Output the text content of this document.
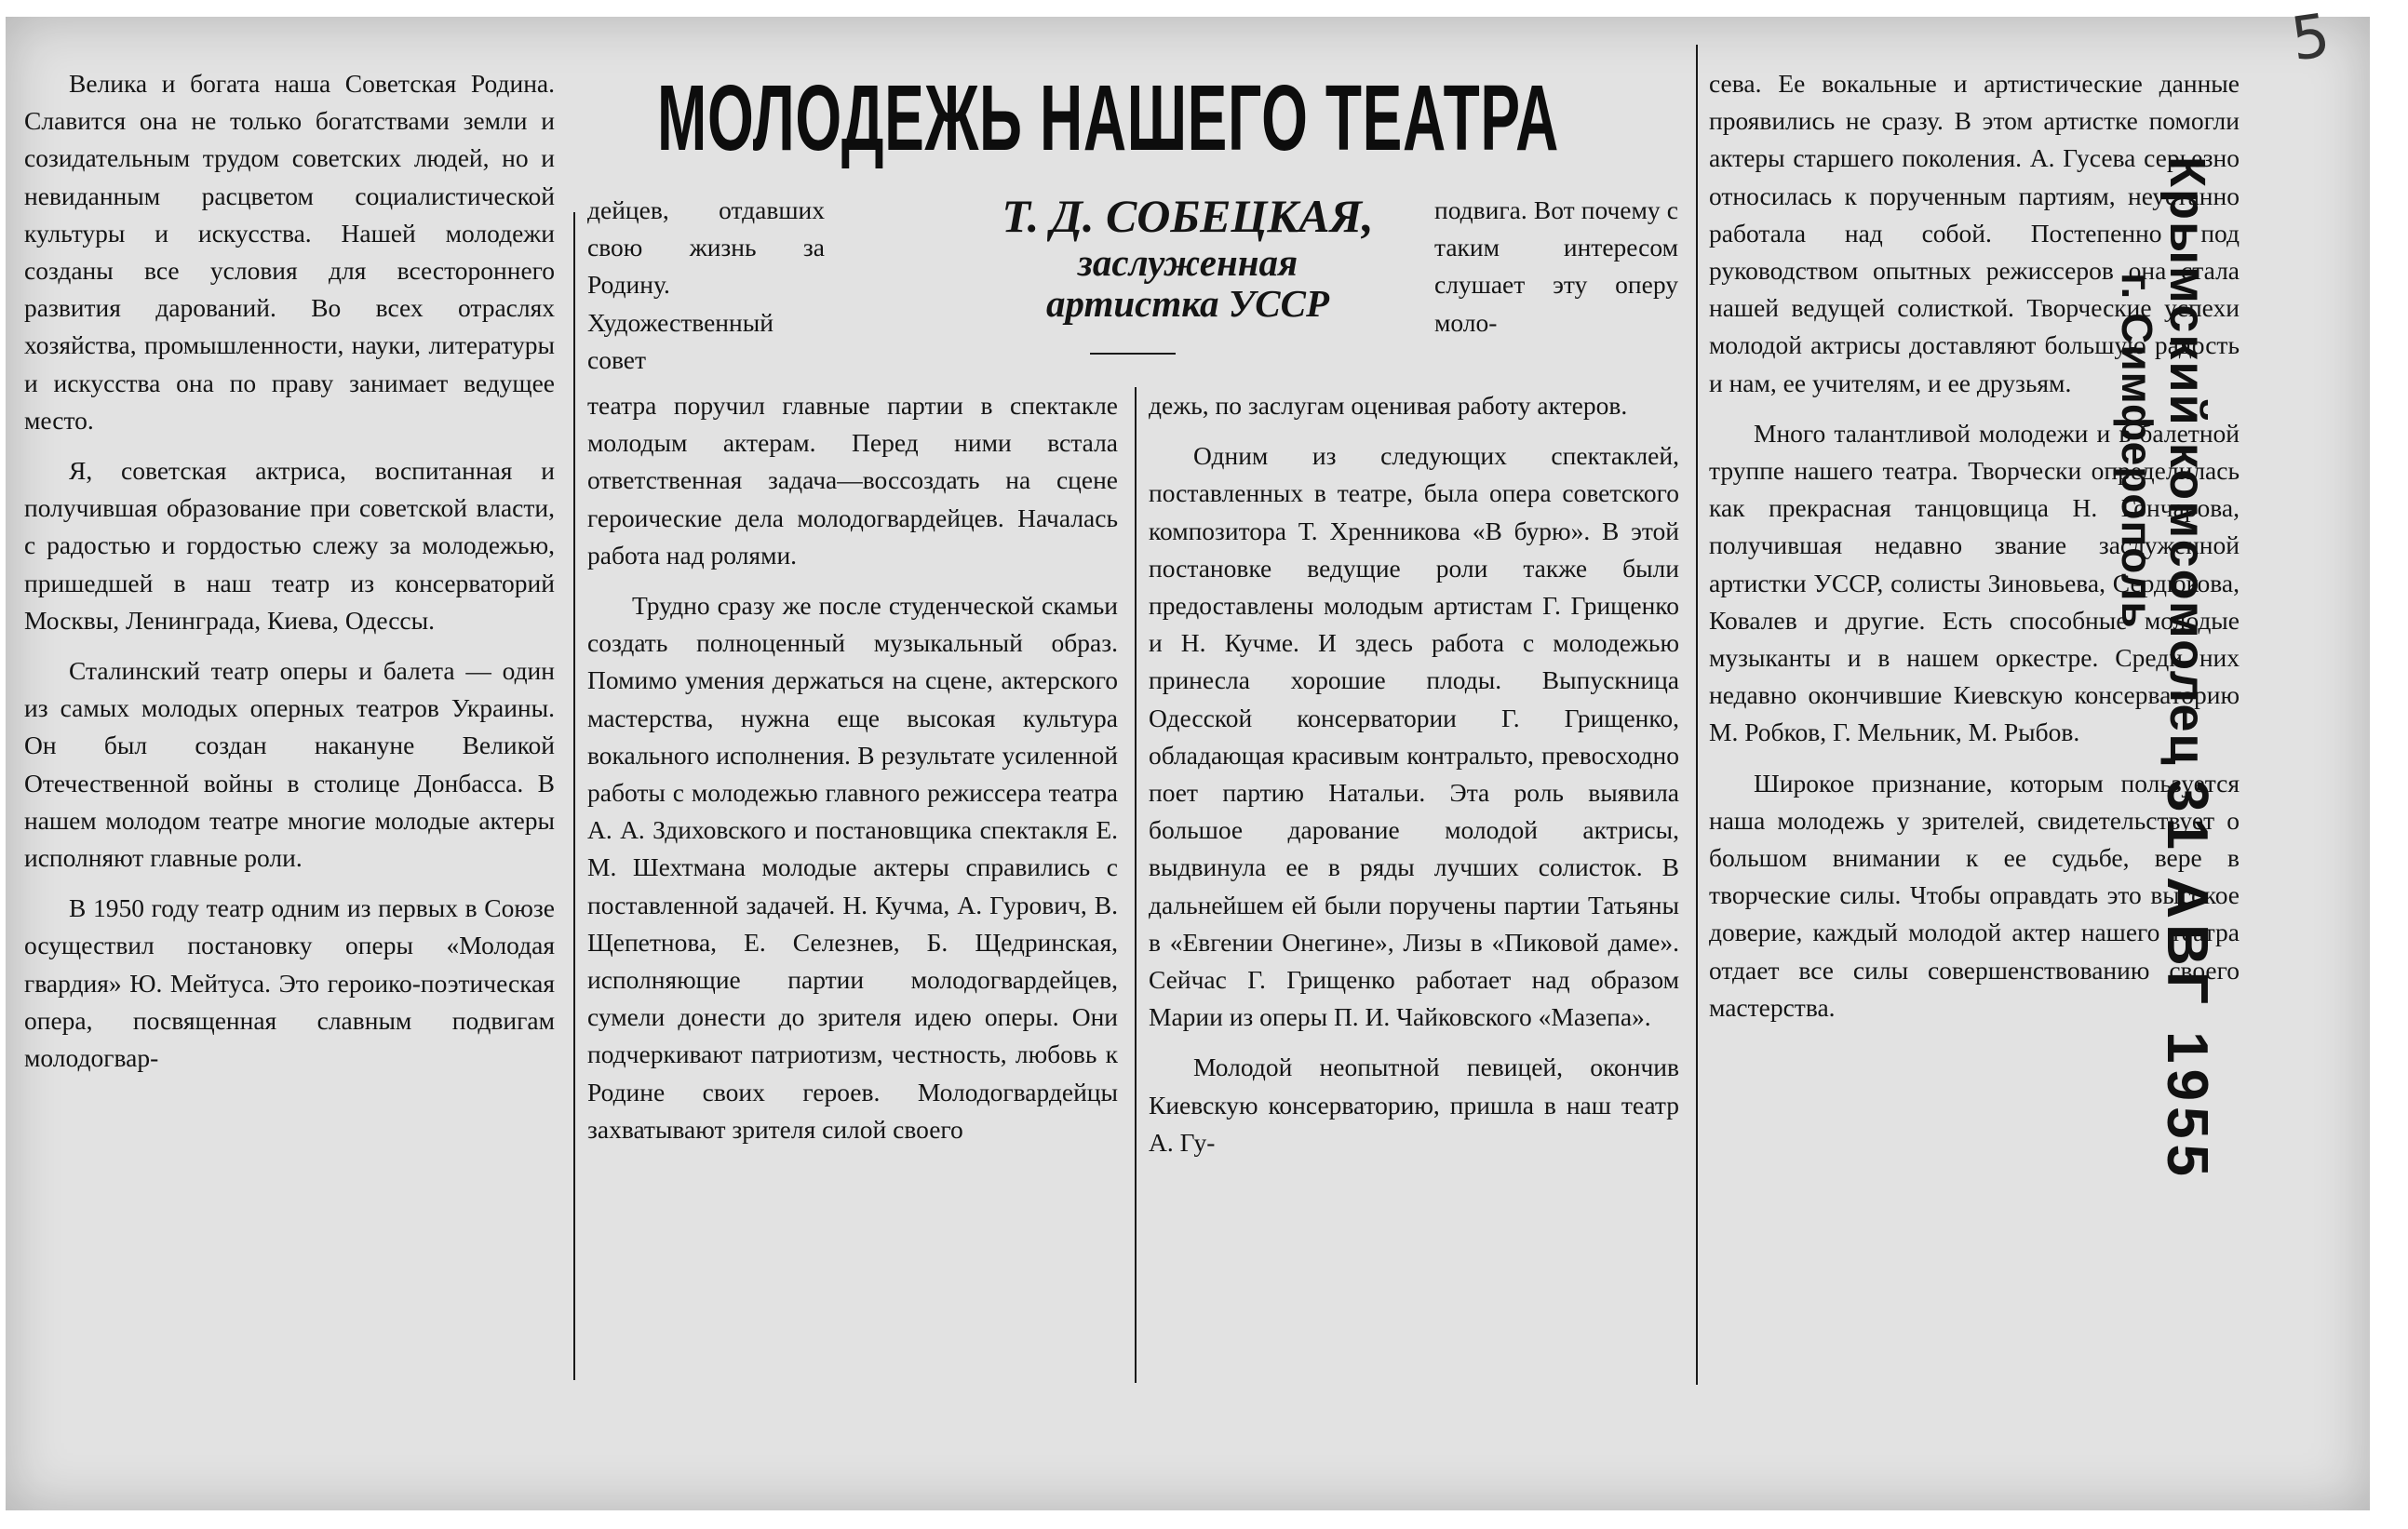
МОЛОДЕЖЬ НАШЕГО ТЕАТРА
Т. Д. СОБЕЦКАЯ,
заслуженная
артистка УССР

Велика и богата наша Советская Родина. Славится она не только богатствами земли и созидательным трудом советских людей, но и невиданным расцветом социалистической культуры и искусства. Нашей молодежи созданы все условия для всестороннего развития дарований. Во всех отраслях хозяйства, промышленности, науки, литературы и искусства она по праву занимает ведущее место.

Я, советская актриса, воспитанная и получившая образование при советской власти, с радостью и гордостью слежу за молодежью, пришедшей в наш театр из консерваторий Москвы, Ленинграда, Киева, Одессы.

Сталинский театр оперы и балета — один из самых молодых оперных театров Украины. Он был создан накануне Великой Отечественной войны в столице Донбасса. В нашем молодом театре многие молодые актеры исполняют главные роли.

В 1950 году театр одним из первых в Союзе осуществил постановку оперы «Молодая гвардия» Ю. Мейтуса. Это героико-поэтическая опера, посвященная славным подвигам молодогвар-

дейцев, отдавших свою жизнь за Родину. Художественный совет

подвига. Вот почему с таким интересом слушает эту оперу моло-

театра поручил главные партии в спектакле молодым актерам. Перед ними встала ответственная задача—воссоздать на сцене героические дела молодогвардейцев. Началась работа над ролями.

Трудно сразу же после студенческой скамьи создать полноценный музыкальный образ. Помимо умения держаться на сцене, актерского мастерства, нужна еще высокая культура вокального исполнения. В результате усиленной работы с молодежью главного режиссера театра А. А. Здиховского и постановщика спектакля Е. М. Шехтмана молодые актеры справились с поставленной задачей. Н. Кучма, А. Гурович, В. Щепетнова, Е. Селезнев, Б. Щедринская, исполняющие партии молодогвардейцев, сумели донести до зрителя идею оперы. Они подчеркивают патриотизм, честность, любовь к Родине своих героев. Молодогвардейцы захватывают зрителя силой своего

дежь, по заслугам оценивая работу актеров.

Одним из следующих спектаклей, поставленных в театре, была опера советского композитора Т. Хренникова «В бурю». В этой постановке ведущие роли также были предоставлены молодым артистам Г. Грищенко и Н. Кучме. И здесь работа с молодежью принесла хорошие плоды. Выпускница Одесской консерватории Г. Грищенко, обладающая красивым контральто, превосходно поет партию Натальи. Эта роль выявила большое дарование молодой актрисы, выдвинула ее в ряды лучших солисток. В дальнейшем ей были поручены партии Татьяны в «Евгении Онегине», Лизы в «Пиковой даме». Сейчас Г. Грищенко работает над образом Марии из оперы П. И. Чайковского «Мазепа».

Молодой неопытной певицей, окончив Киевскую консерваторию, пришла в наш театр А. Гу-

сева. Ее вокальные и артистические данные проявились не сразу. В этом артистке помогли актеры старшего поколения. А. Гусева серьезно относилась к порученным партиям, неустанно работала над собой. Постепенно под руководством опытных режиссеров она стала нашей ведущей солисткой. Творческие успехи молодой актрисы доставляют большую радость и нам, ее учителям, и ее друзьям.

Много талантливой молодежи и в балетной труппе нашего театра. Творчески определилась как прекрасная танцовщица Н. Гончарова, получившая недавно звание заслуженной артистки УССР, солисты Зиновьева, Сердюкова, Ковалев и другие. Есть способные молодые музыканты и в нашем оркестре. Среди них недавно окончившие Киевскую консерваторию М. Робков, Г. Мельник, М. Рыбов.

Широкое признание, которым пользуется наша молодежь у зрителей, свидетельствует о большом внимании к ее судьбе, вере в творческие силы. Чтобы оправдать это высокое доверие, каждый молодой актер нашего театра отдает все силы совершенствованию своего мастерства.

Крымский комсомолец
г. Симферополь
31 АВГ 1955
5
